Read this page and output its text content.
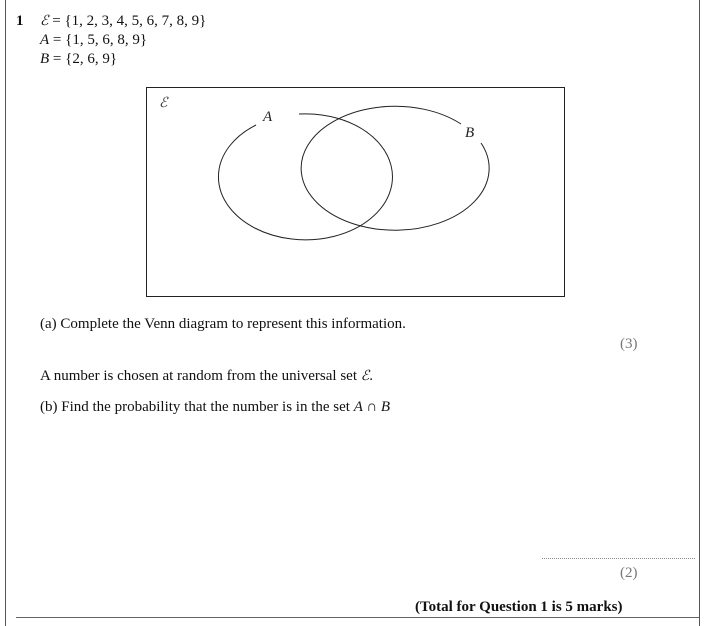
1 ℰ = {1, 2, 3, 4, 5, 6, 7, 8, 9}
A = {1, 5, 6, 8, 9}
B = {2, 6, 9}
ℰ
A
B
(a) Complete the Venn diagram to represent this information.
(3)
A number is chosen at random from the universal set ℰ.
(b) Find the probability that the number is in the set A ∩ B
(2)
(Total for Question 1 is 5 marks)
